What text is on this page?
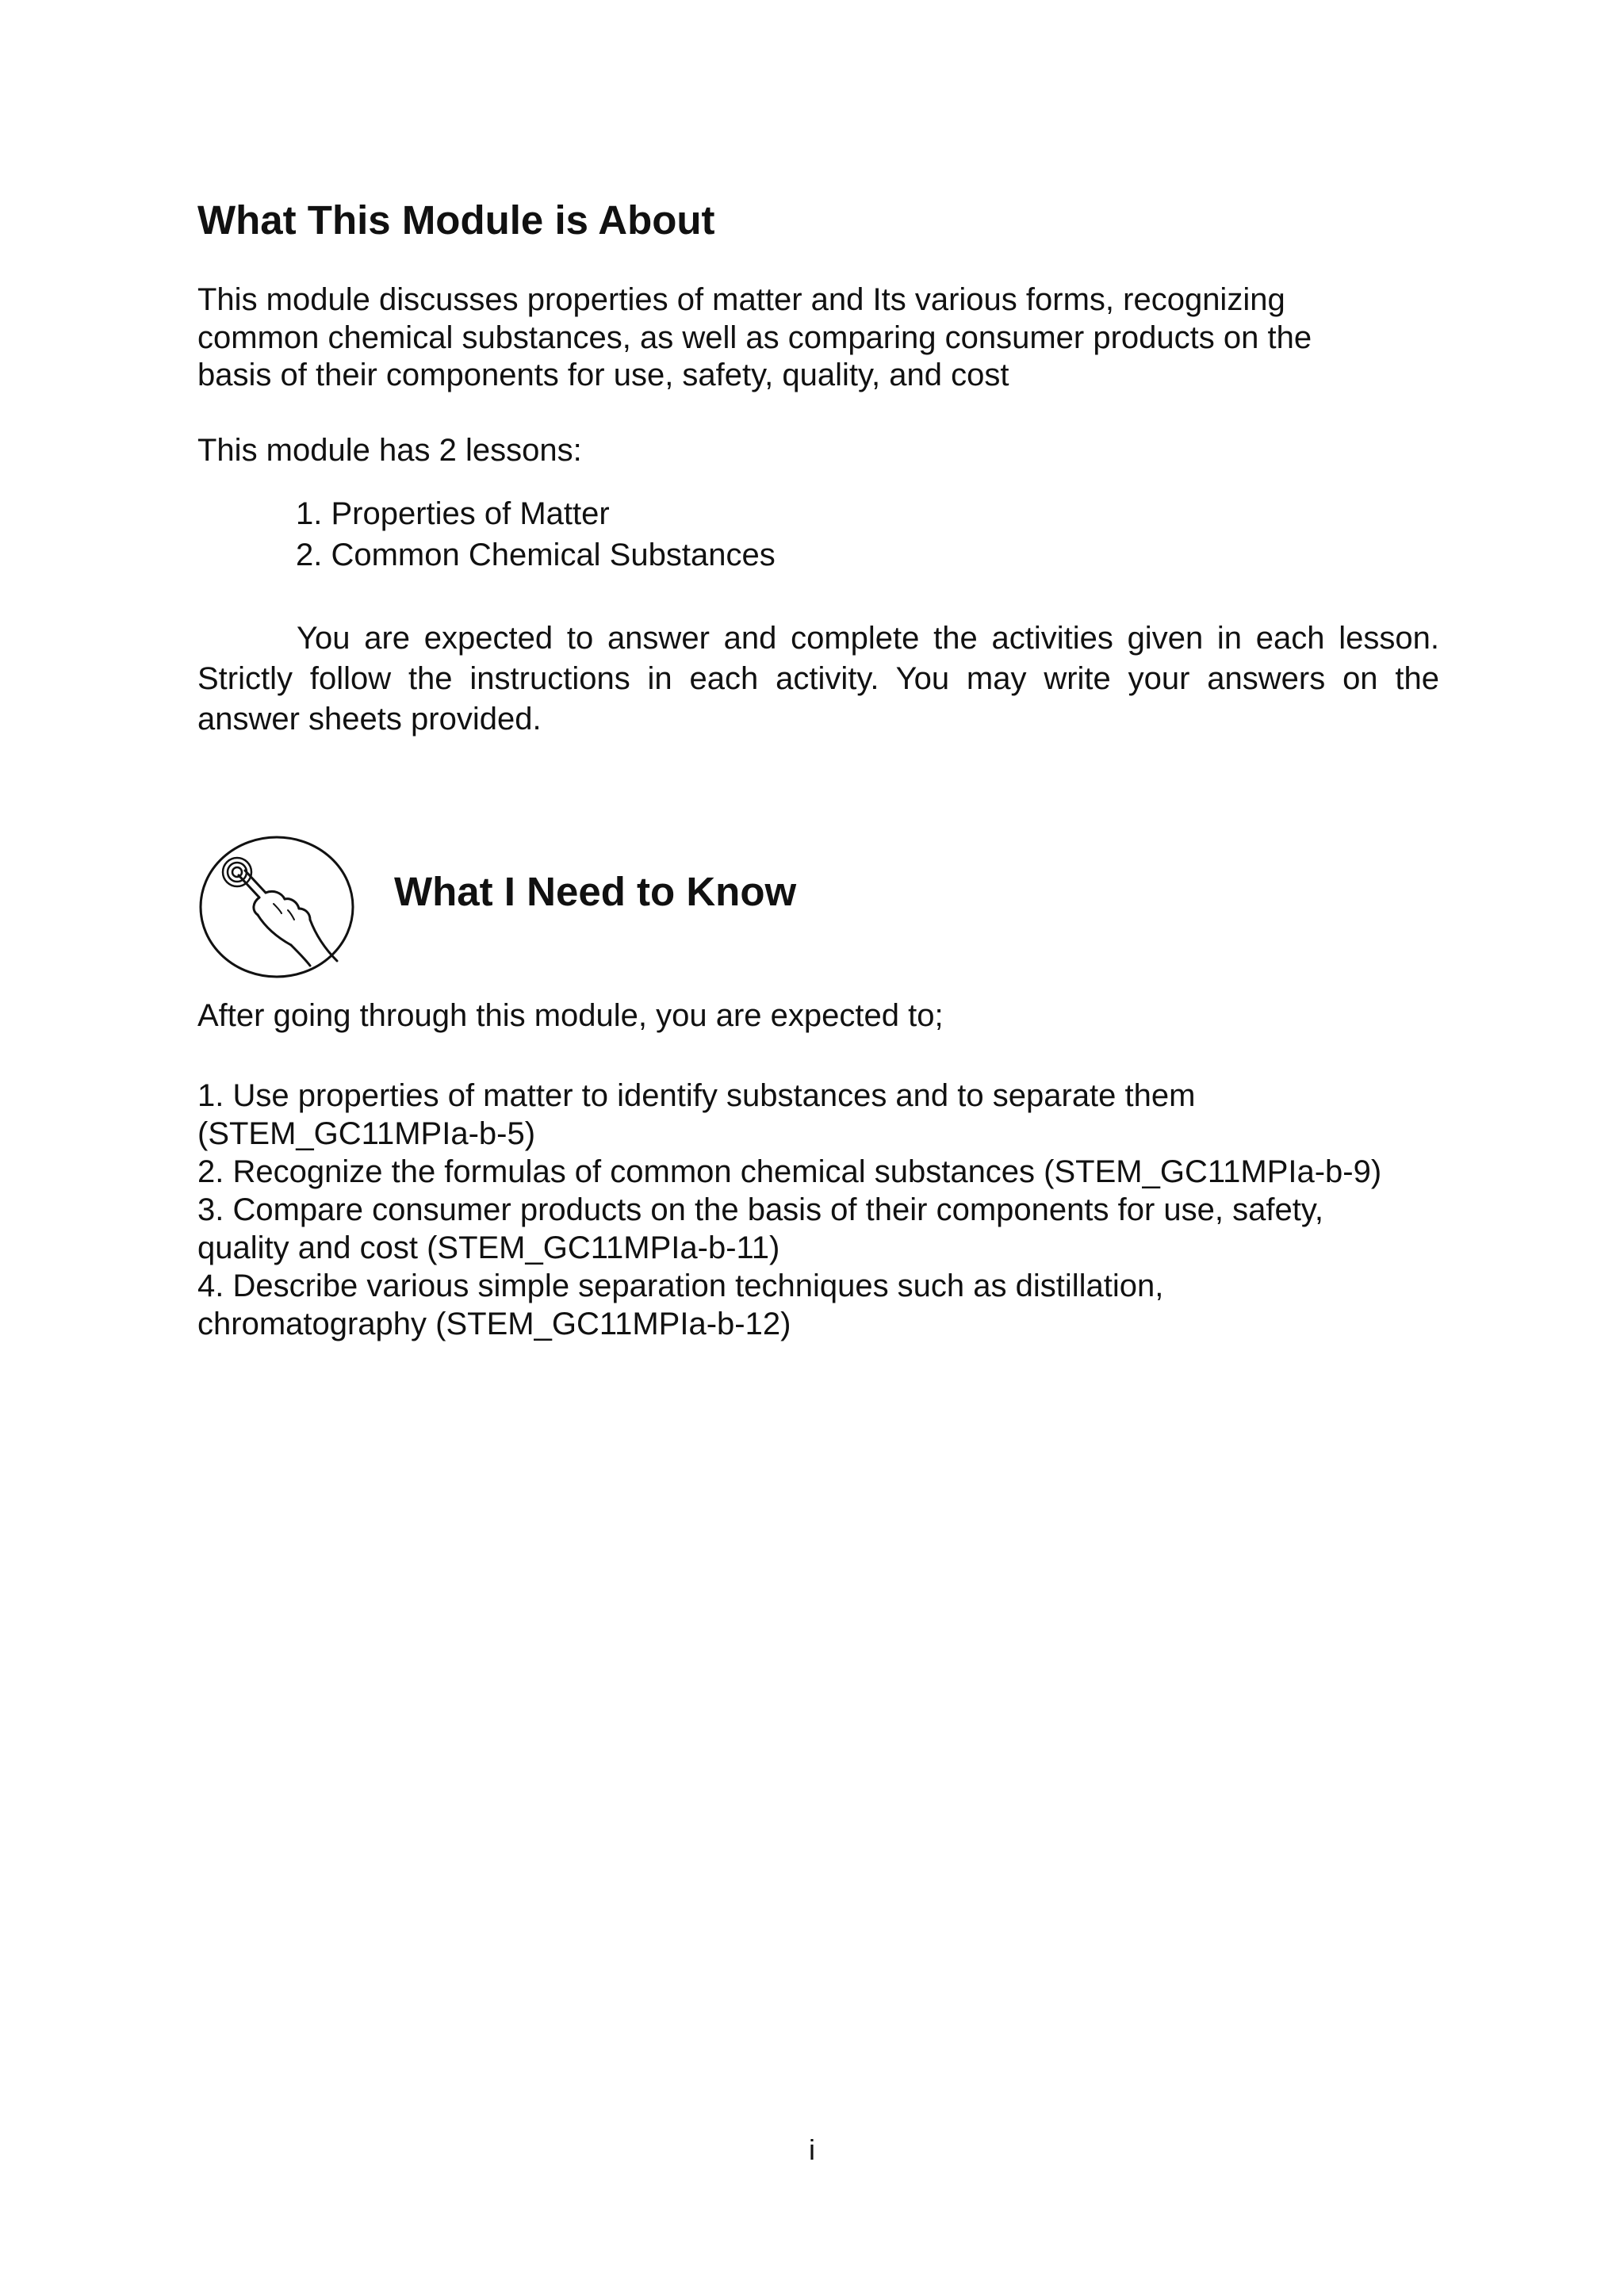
What This Module is About
This module discusses properties of matter and Its various forms, recognizing
common chemical substances, as well as comparing consumer products on the
basis of their components for use, safety, quality, and cost

This module has 2 lessons:

1. Properties of Matter
2. Common Chemical Substances
You are expected to answer and complete the activities given in each lesson.
Strictly follow the instructions in each activity. You may write your answers on the
answer sheets provided.
What I Need to Know

After going through this module, you are expected to;

1. Use properties of matter to identify substances and to separate them
(STEM_GC11MPIa-b-5)
2. Recognize the formulas of common chemical substances (STEM_GC11MPIa-b-9)
3. Compare consumer products on the basis of their components for use, safety,
quality and cost (STEM_GC11MPIa-b-11)
4. Describe various simple separation techniques such as distillation,
chromatography (STEM_GC11MPIa-b-12)
i
